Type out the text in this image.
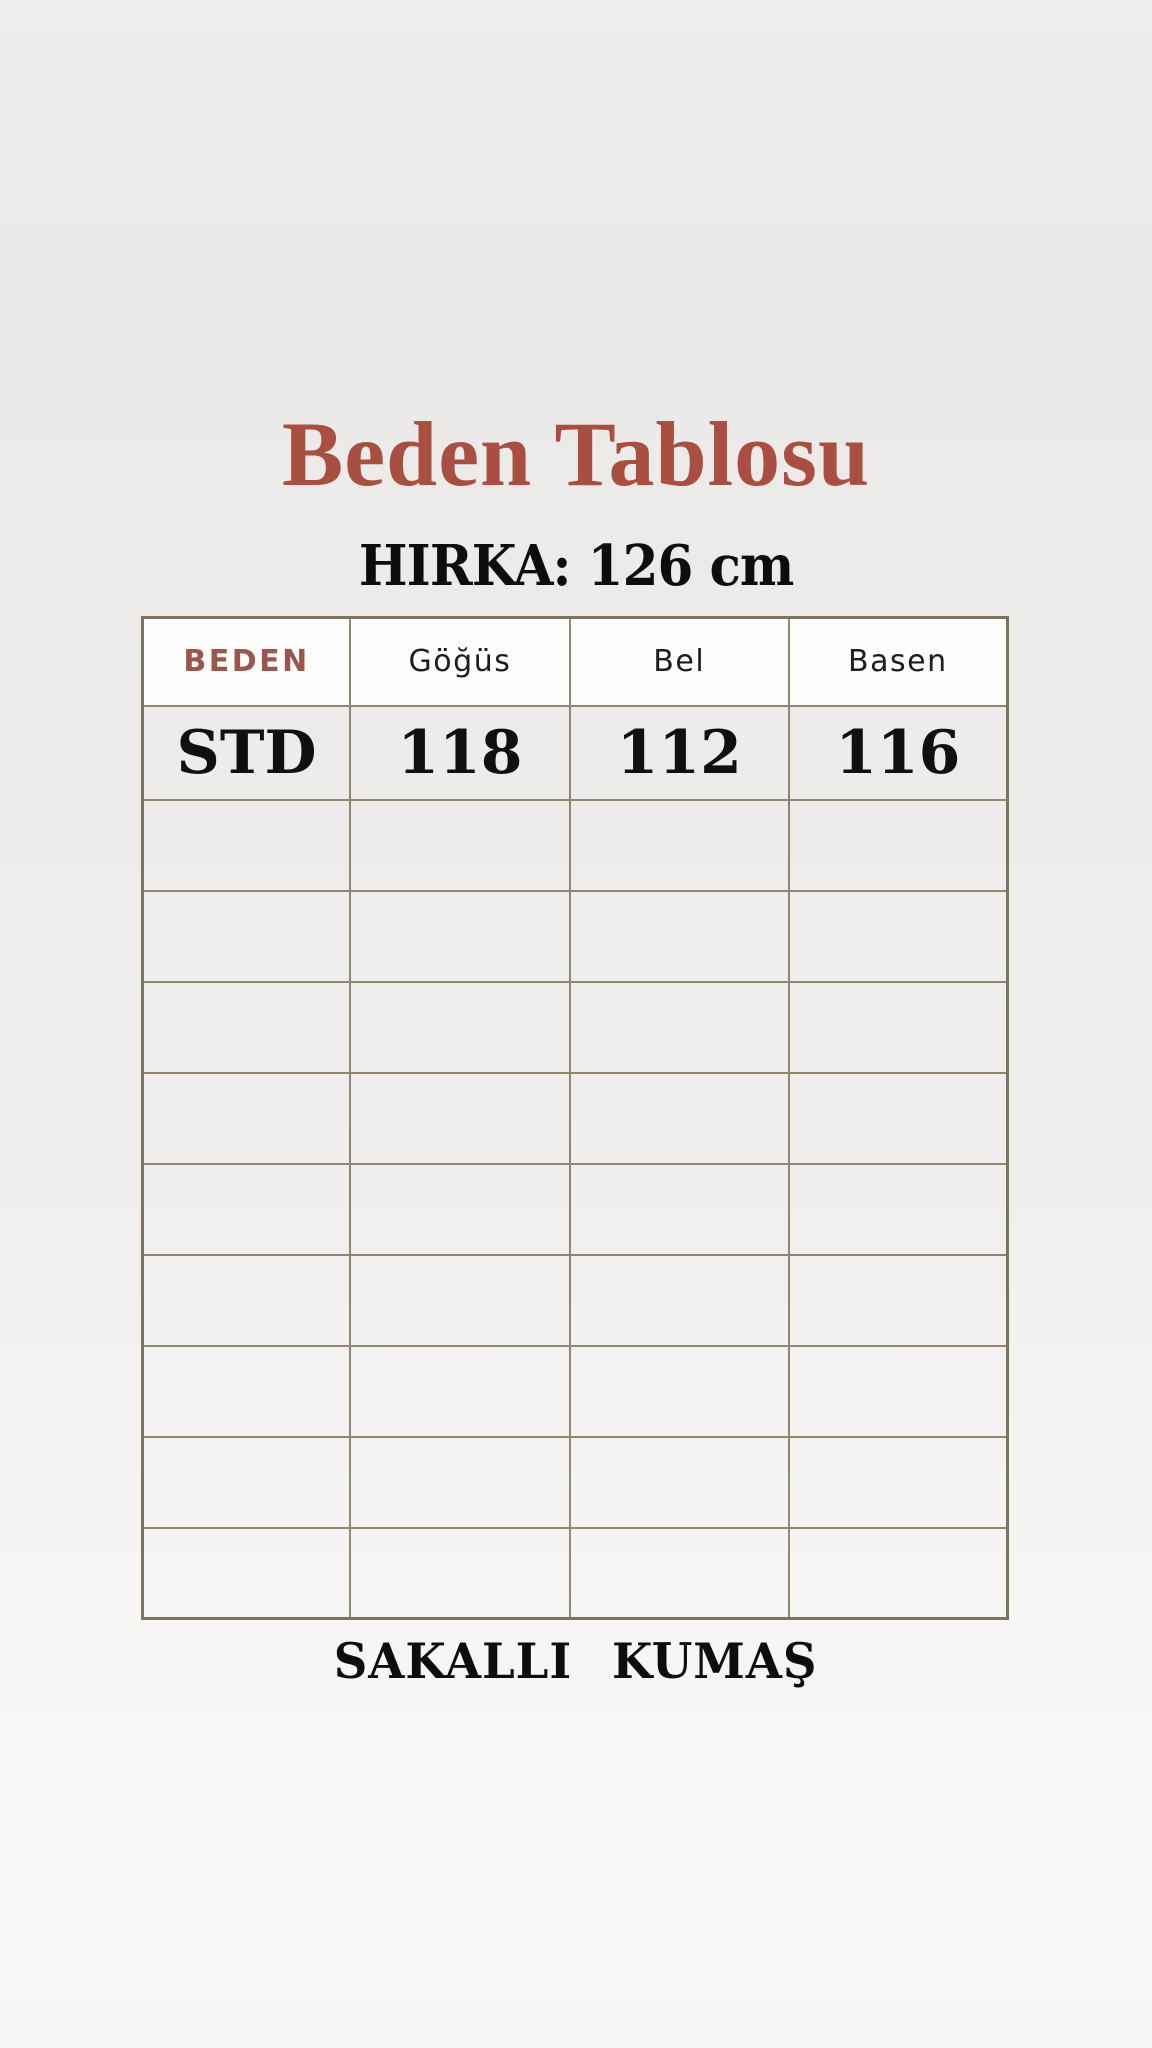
Beden Tablosu
HIRKA: 126 cm
BEDEN	Göğüs	Bel	Basen
STD	118	112	116

SAKALLI KUMAŞ
